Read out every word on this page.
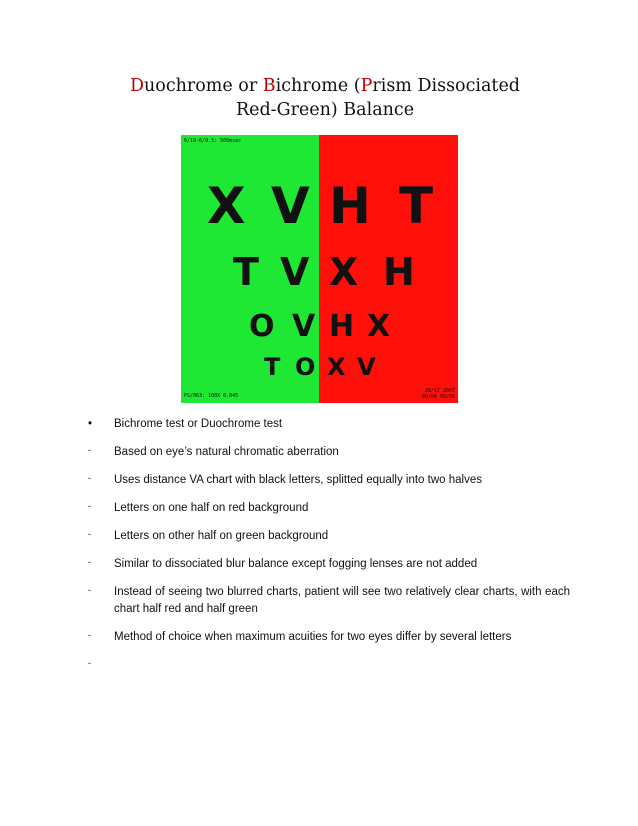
Duochrome or Bichrome (Prism Dissociated Red-Green) Balance
6/19-6/9.5: 500msec
X V
T V
O V
T O
PS/063: 100X 0.045
H T
X H
H X
X V
28/12 2007
00/04 00/05
•	Bichrome test or Duochrome test
-	Based on eye’s natural chromatic aberration
-	Uses distance VA chart with black letters, splitted equally into two halves
-	Letters on one half on red background
-	Letters on other half on green background
-	Similar to dissociated blur balance except fogging lenses are not added
-	Instead of seeing two blurred charts, patient will see two relatively clear charts, with each chart half red and half green
-	Method of choice when maximum acuities for two eyes differ by several letters
-
